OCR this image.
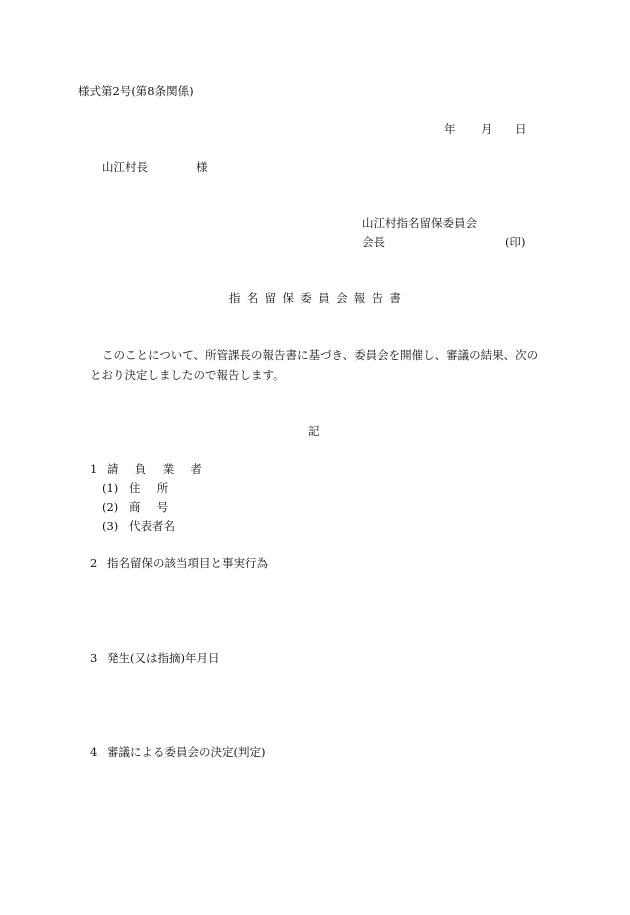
様式第2号(第8条関係)
年 月 日
山江村長	様
山江村指名留保委員会
会長	(印)
指名留保委員会報告書
このことについて、所管課長の報告書に基づき、委員会を開催し、審議の結果、次の
とおり決定しましたので報告します。
記
1 請 負 業 者
(1) 住 所
(2) 商 号
(3) 代表者名
2 指名留保の該当項目と事実行為
3 発生(又は指摘)年月日
4 審議による委員会の決定(判定)
